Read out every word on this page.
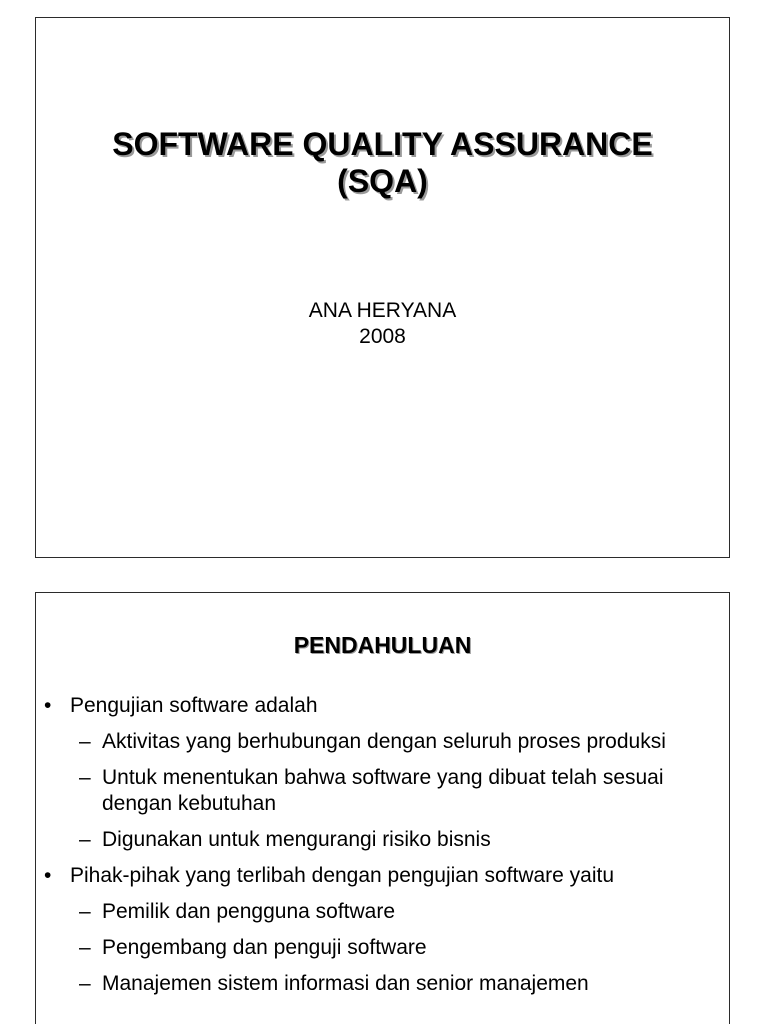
SOFTWARE QUALITY ASSURANCE
(SQA)
ANA HERYANA
2008
PENDAHULUAN
• Pengujian software adalah
– Aktivitas yang berhubungan dengan seluruh proses produksi
– Untuk menentukan bahwa software yang dibuat telah sesuai dengan kebutuhan
– Digunakan untuk mengurangi risiko bisnis
• Pihak-pihak yang terlibah dengan pengujian software yaitu
– Pemilik dan pengguna software
– Pengembang dan penguji software
– Manajemen sistem informasi dan senior manajemen
